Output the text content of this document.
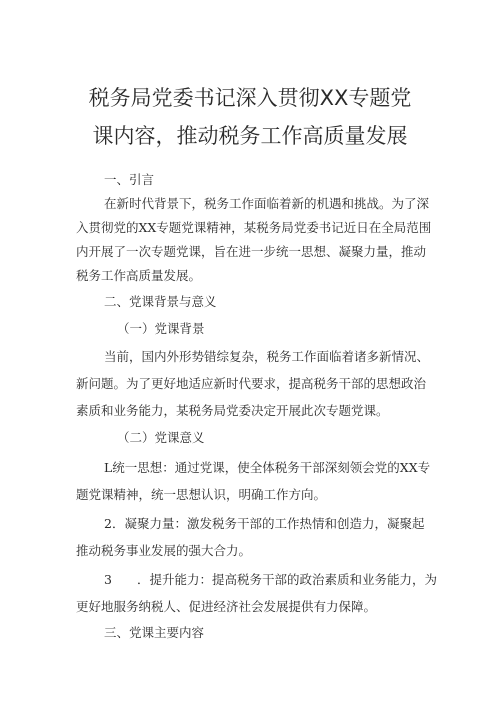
税务局党委书记深入贯彻XX专题党
课内容，推动税务工作高质量发展
一、引言
在新时代背景下，税务工作面临着新的机遇和挑战。为了深
入贯彻党的XX专题党课精神，某税务局党委书记近日在全局范围
内开展了一次专题党课，旨在进一步统一思想、凝聚力量，推动
税务工作高质量发展。
二、党课背景与意义
（一）党课背景
当前，国内外形势错综复杂，税务工作面临着诸多新情况、
新问题。为了更好地适应新时代要求，提高税务干部的思想政治
素质和业务能力，某税务局党委决定开展此次专题党课。
（二）党课意义
L统一思想：通过党课，使全体税务干部深刻领会党的XX专
题党课精神，统一思想认识，明确工作方向。
2．凝聚力量：激发税务干部的工作热情和创造力，凝聚起
推动税务事业发展的强大合力。
3　　．提升能力：提高税务干部的政治素质和业务能力，为
更好地服务纳税人、促进经济社会发展提供有力保障。
三、党课主要内容
